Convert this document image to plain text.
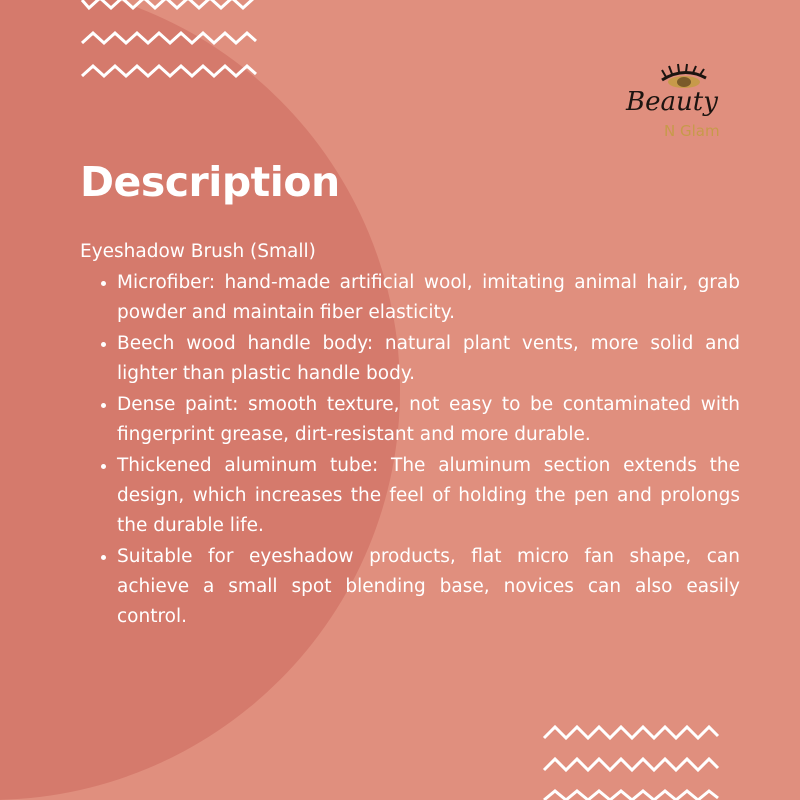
Beauty
N Glam
Description

Eyeshadow Brush (Small)

• Microfiber: hand-made artificial wool, imitating animal hair, grab powder and maintain fiber elasticity.
• Beech wood handle body: natural plant vents, more solid and lighter than plastic handle body.
• Dense paint: smooth texture, not easy to be contaminated with fingerprint grease, dirt-resistant and more durable.
• Thickened aluminum tube: The aluminum section extends the design, which increases the feel of holding the pen and prolongs the durable life.
• Suitable for eyeshadow products, flat micro fan shape, can achieve a small spot blending base, novices can also easily control.
